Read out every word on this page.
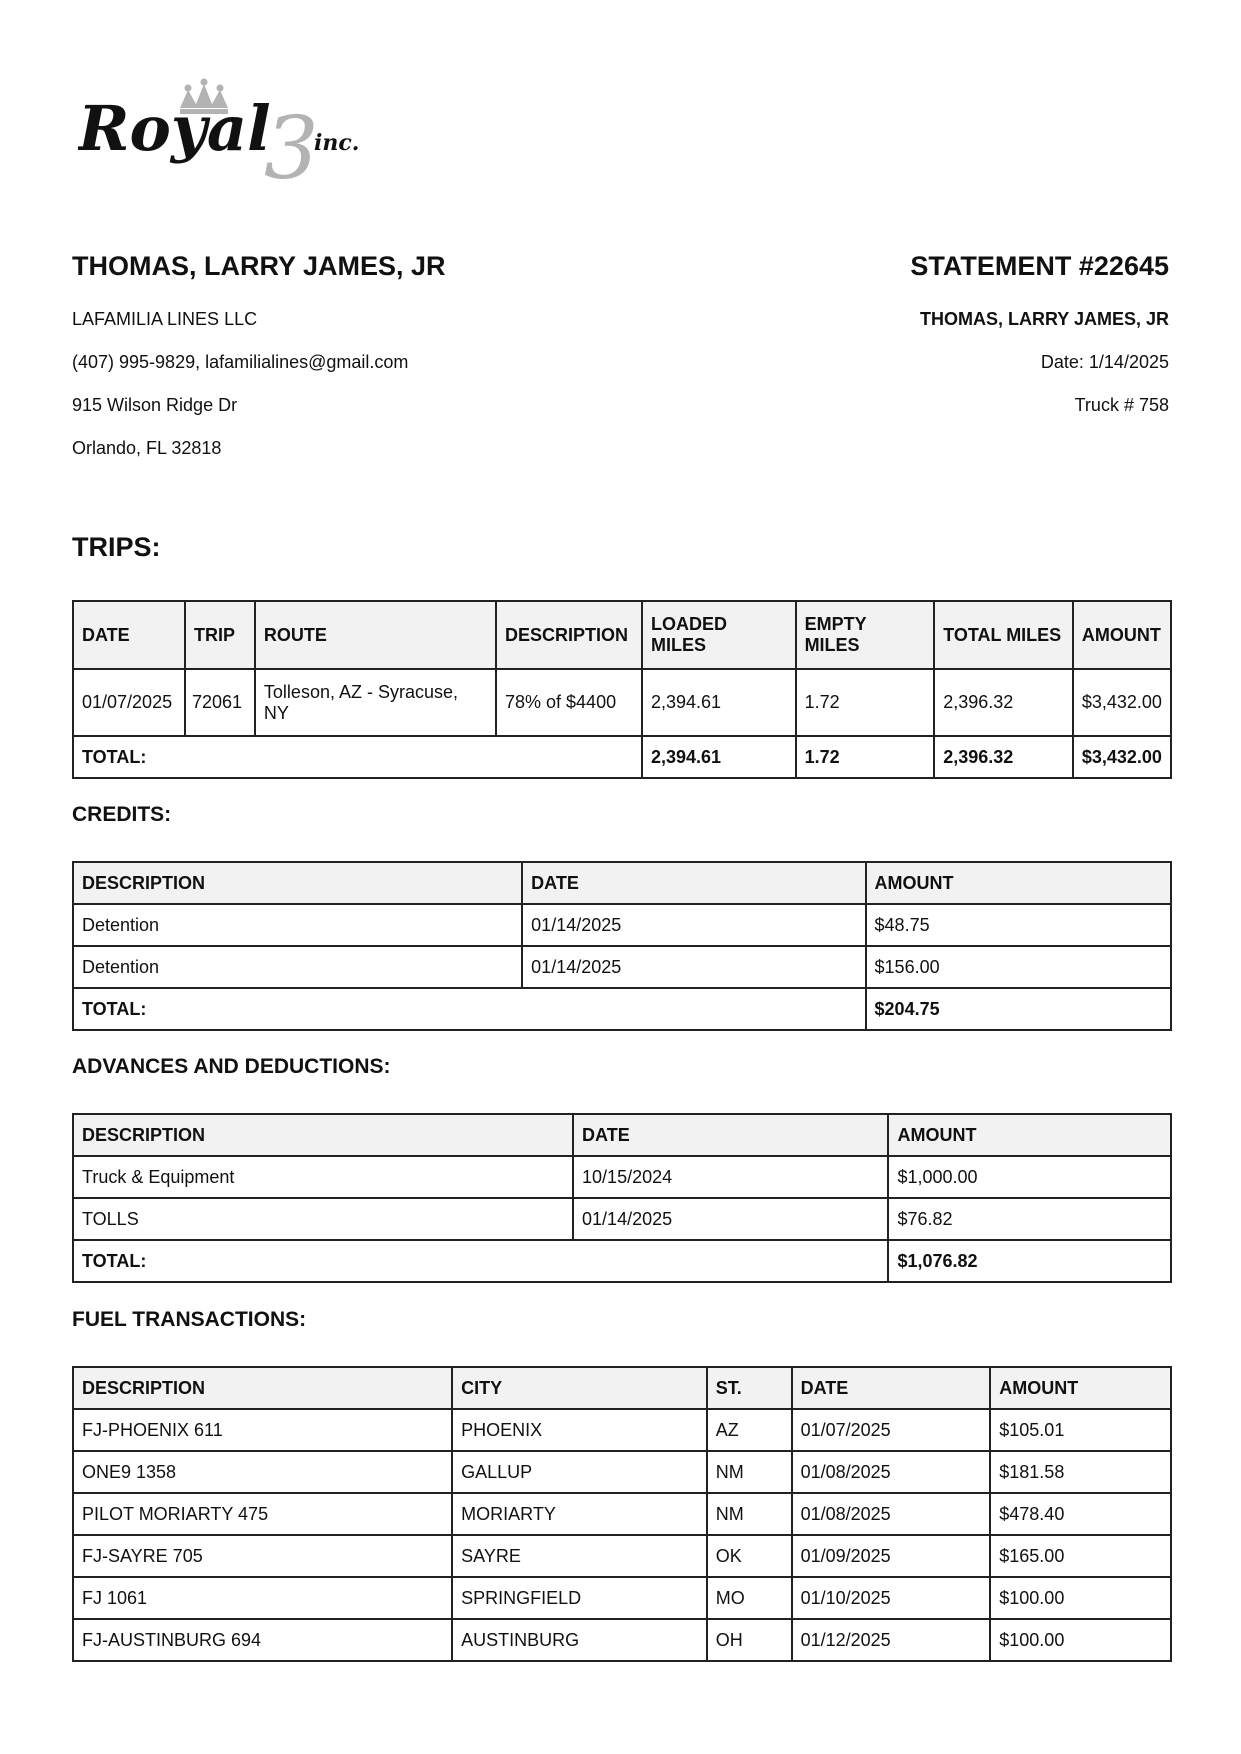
3
Royal inc.
THOMAS, LARRY JAMES, JR
LAFAMILIA LINES LLC
(407) 995-9829, lafamilialines@gmail.com
915 Wilson Ridge Dr
Orlando, FL 32818
STATEMENT #22645
THOMAS, LARRY JAMES, JR
Date: 1/14/2025
Truck # 758
TRIPS:
DATE	TRIP	ROUTE	DESCRIPTION	LOADED MILES	EMPTY MILES	TOTAL MILES	AMOUNT
01/07/2025	72061	Tolleson, AZ - Syracuse, NY	78% of $4400	2,394.61	1.72	2,396.32	$3,432.00
TOTAL:				2,394.61	1.72	2,396.32	$3,432.00
CREDITS:
DESCRIPTION	DATE	AMOUNT
Detention	01/14/2025	$48.75
Detention	01/14/2025	$156.00
TOTAL:		$204.75
ADVANCES AND DEDUCTIONS:
DESCRIPTION	DATE	AMOUNT
Truck & Equipment	10/15/2024	$1,000.00
TOLLS	01/14/2025	$76.82
TOTAL:		$1,076.82
FUEL TRANSACTIONS:
DESCRIPTION	CITY	ST.	DATE	AMOUNT
FJ-PHOENIX 611	PHOENIX	AZ	01/07/2025	$105.01
ONE9 1358	GALLUP	NM	01/08/2025	$181.58
PILOT MORIARTY 475	MORIARTY	NM	01/08/2025	$478.40
FJ-SAYRE 705	SAYRE	OK	01/09/2025	$165.00
FJ 1061	SPRINGFIELD	MO	01/10/2025	$100.00
FJ-AUSTINBURG 694	AUSTINBURG	OH	01/12/2025	$100.00
